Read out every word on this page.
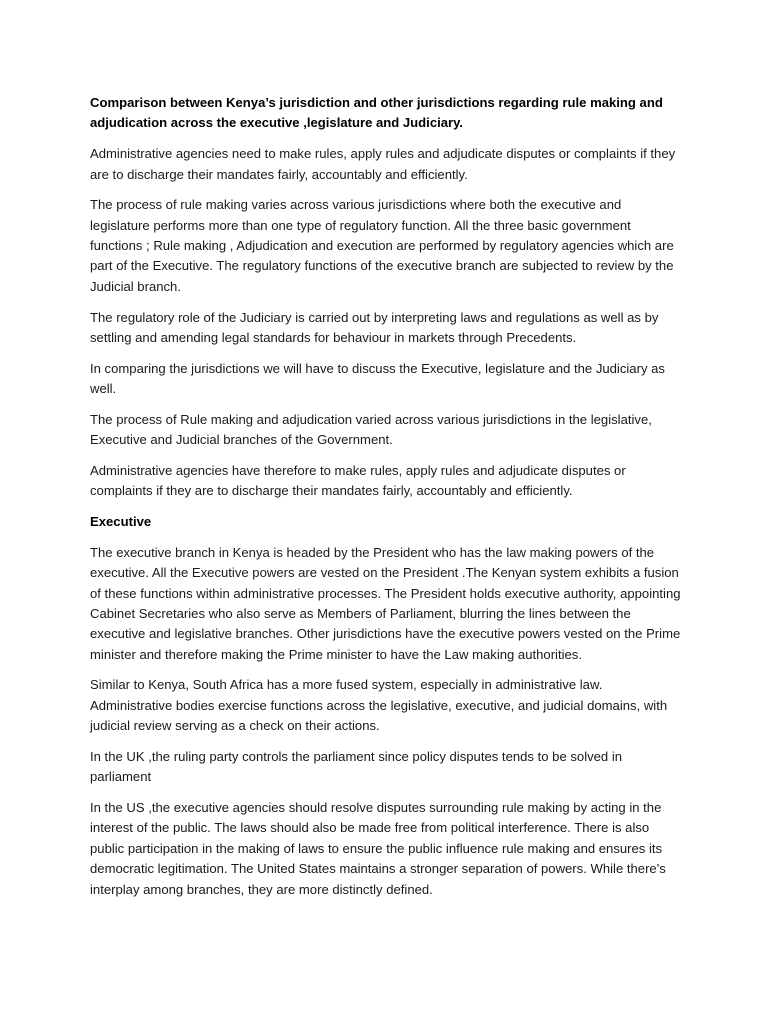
Comparison between Kenya’s jurisdiction and other jurisdictions regarding rule making and adjudication across the executive ,legislature and Judiciary.

Administrative agencies need to make rules, apply rules and adjudicate disputes or complaints if they are to discharge their mandates fairly, accountably and efficiently.

The process of rule making varies across various jurisdictions where both the executive and legislature performs more than one type of regulatory function. All the three basic government functions ; Rule making , Adjudication and execution are performed by regulatory agencies which are part of the Executive. The regulatory functions of the executive branch are subjected to review by the Judicial branch.

The regulatory role of the Judiciary is carried out by interpreting laws and regulations as well as by settling and amending legal standards for behaviour in markets through Precedents.

In comparing the jurisdictions we will have to discuss the Executive, legislature and the Judiciary as well.

The process of Rule making and adjudication varied across various jurisdictions in the legislative, Executive and Judicial branches of the Government.

Administrative agencies have therefore to make rules, apply rules and adjudicate disputes or complaints if they are to discharge their mandates fairly, accountably and efficiently.

Executive

The executive branch in Kenya is headed by the President who has the law making powers of the executive. All the Executive powers are vested on the President .The Kenyan system exhibits a fusion of these functions within administrative processes. The President holds executive authority, appointing Cabinet Secretaries who also serve as Members of Parliament, blurring the lines between the executive and legislative branches. Other jurisdictions have the executive powers vested on the Prime minister and therefore making the Prime minister to have the Law making authorities.

Similar to Kenya, South Africa has a more fused system, especially in administrative law. Administrative bodies exercise functions across the legislative, executive, and judicial domains, with judicial review serving as a check on their actions.

In the UK ,the ruling party controls the parliament since policy disputes tends to be solved in parliament

In the US ,the executive agencies should resolve disputes surrounding rule making by acting in the interest of the public. The laws should also be made free from political interference. There is also public participation in the making of laws to ensure the public influence rule making and ensures its democratic legitimation. The United States maintains a stronger separation of powers. While there's interplay among branches, they are more distinctly defined.
